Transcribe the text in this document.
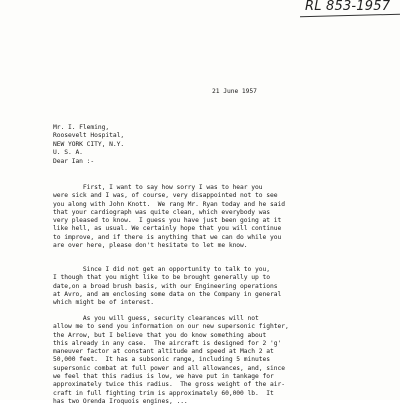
RL 853-1957
21 June 1957
Mr. I. Fleming,
Roosevelt Hospital,
NEW YORK CITY, N.Y.
U. S. A.
Dear Ian :-
First, I want to say how sorry I was to hear you
were sick and I was, of course, very disappointed not to see
you along with John Knott.  We rang Mr. Ryan today and he said
that your cardiograph was quite clean, which everybody was
very pleased to know.  I guess you have just been going at it
like hell, as usual. We certainly hope that you will continue
to improve, and if there is anything that we can do while you
are over here, please don't hesitate to let me know.
Since I did not get an opportunity to talk to you,
I though that you might like to be brought generally up to
date,on a broad brush basis, with our Engineering operations
at Avro, and am enclosing some data on the Company in general
which might be of interest.
As you will guess, security clearances will not
allow me to send you information on our new supersonic fighter,
the Arrow, but I believe that you do know something about
this already in any case.  The aircraft is designed for 2 'g'
maneuver factor at constant altitude and speed at Mach 2 at
50,000 feet.  It has a subsonic range, including 5 minutes
supersonic combat at full power and all allowances, and, since
we feel that this radius is low, we have put in tankage for
approximately twice this radius.  The gross weight of the air-
craft in full fighting trim is approximately 60,000 lb.  It
has two Orenda Iroquois engines, ...
